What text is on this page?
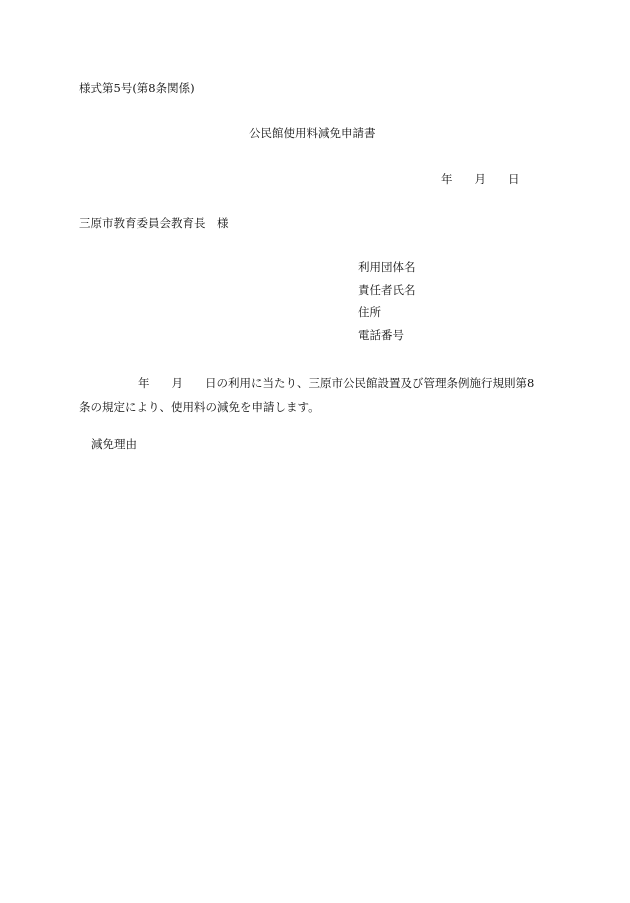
様式第5号(第8条関係)
公民館使用料減免申請書
年 月 日
三原市教育委員会教育長　様
利用団体名
責任者氏名
住所
電話番号
年 月 日の利用に当たり、三原市公民館設置及び管理条例施行規則第8
条の規定により、使用料の減免を申請します。
減免理由
